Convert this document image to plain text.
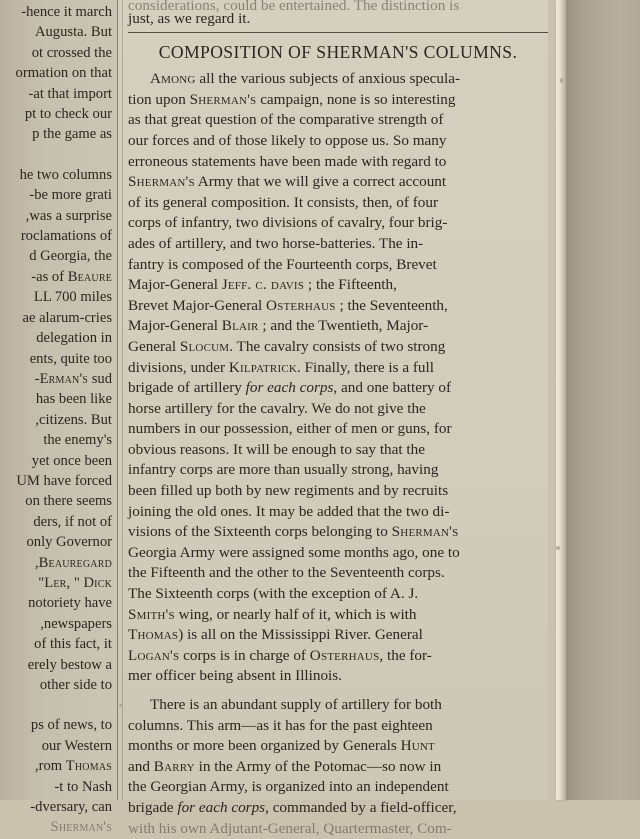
hence it march-
Augusta. But
ot crossed the
ormation on that
at that import-
pt to check our
p the game as
he two columns
be more grati-
was a surprise,
roclamations of
d Georgia, the
as of Beaure-
LL 700 miles
ae alarum-cries
delegation in
ents, quite too
Erman's sud-
has been like
citizens. But,
the enemy's
yet once been
UM have forced
on there seems
ders, if not of
only Governor
Beauregard,
Ler, " Dick"
notoriety have
newspapers,
of this fact, it
erely bestow a
other side to
ps of news, to
our Western
rom Thomas,
t to Nash-
dversary, can-
Sherman's
considerations, could be entertained. The distinction is
just, as we regard it.
COMPOSITION OF SHERMAN'S COLUMNS.
Among all the various subjects of anxious specula-
tion upon Sherman's campaign, none is so interesting
as that great question of the comparative strength of
our forces and of those likely to oppose us. So many
erroneous statements have been made with regard to
Sherman's Army that we will give a correct account
of its general composition. It consists, then, of four
corps of infantry, two divisions of cavalry, four brig-
ades of artillery, and two horse-batteries. The in-
fantry is composed of the Fourteenth corps, Brevet
Major-General Jeff. c. davis ; the Fifteenth,
Brevet Major-General Osterhaus ; the Seventeenth,
Major-General Blair ; and the Twentieth, Major-
General Slocum. The cavalry consists of two strong
divisions, under Kilpatrick. Finally, there is a full
brigade of artillery for each corps, and one battery of
horse artillery for the cavalry. We do not give the
numbers in our possession, either of men or guns, for
obvious reasons. It will be enough to say that the
infantry corps are more than usually strong, having
been filled up both by new regiments and by recruits
joining the old ones. It may be added that the two di-
visions of the Sixteenth corps belonging to Sherman's
Georgia Army were assigned some months ago, one to
the Fifteenth and the other to the Seventeenth corps.
The Sixteenth corps (with the exception of A. J.
Smith's wing, or nearly half of it, which is with
Thomas) is all on the Mississippi River. General
Logan's corps is in charge of Osterhaus, the for-
mer officer being absent in Illinois.
There is an abundant supply of artillery for both
columns. This arm—as it has for the past eighteen
months or more been organized by Generals Hunt
and Barry in the Army of the Potomac—so now in
the Georgian Army, is organized into an independent
brigade for each corps, commanded by a field-officer,
with his own Adjutant-General, Quartermaster, Com-
